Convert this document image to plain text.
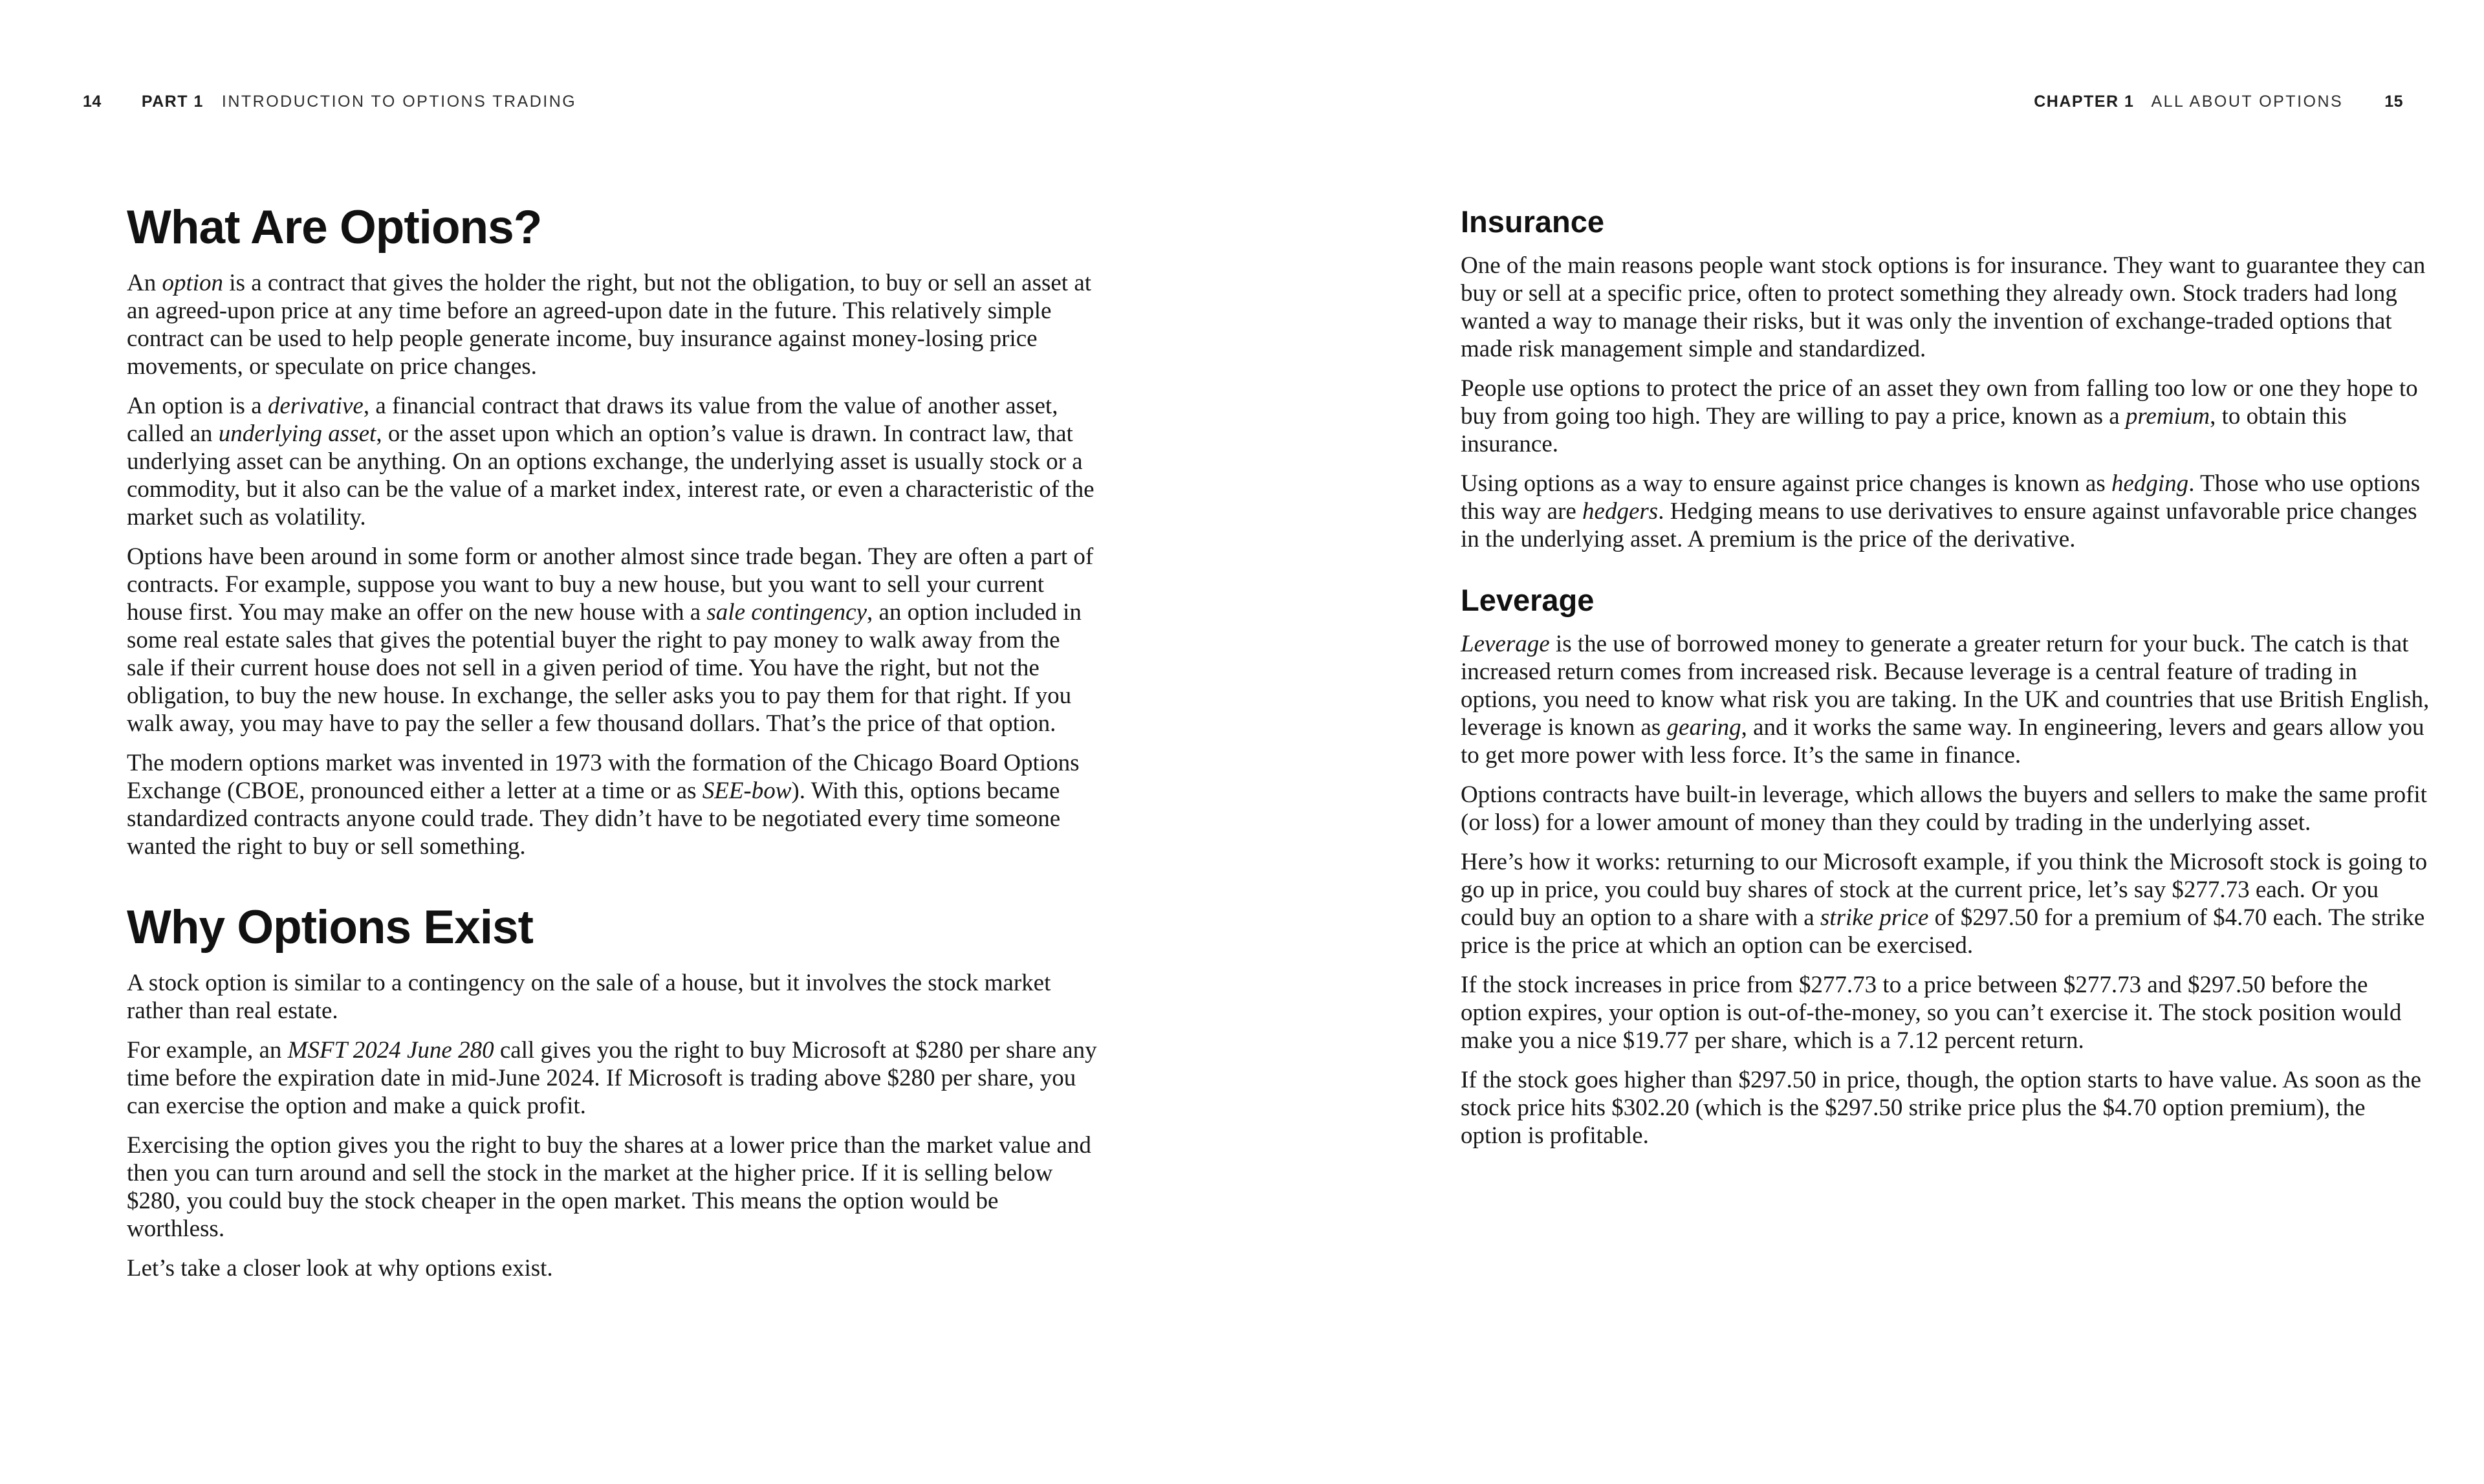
14 PART 1 INTRODUCTION TO OPTIONS TRADING	CHAPTER 1 ALL ABOUT OPTIONS	15
What Are Options?

An option is a contract that gives the holder the right, but not the obligation, to buy or sell an asset at an agreed-upon price at any time before an agreed-upon date in the future. This relatively simple contract can be used to help people generate income, buy insurance against money-losing price movements, or speculate on price changes.

An option is a derivative, a financial contract that draws its value from the value of another asset, called an underlying asset, or the asset upon which an option’s value is drawn. In contract law, that underlying asset can be anything. On an options exchange, the underlying asset is usually stock or a commodity, but it also can be the value of a market index, interest rate, or even a characteristic of the market such as volatility.

Options have been around in some form or another almost since trade began. They are often a part of contracts. For example, suppose you want to buy a new house, but you want to sell your current house first. You may make an offer on the new house with a sale contingency, an option included in some real estate sales that gives the potential buyer the right to pay money to walk away from the sale if their current house does not sell in a given period of time. You have the right, but not the obligation, to buy the new house. In exchange, the seller asks you to pay them for that right. If you walk away, you may have to pay the seller a few thousand dollars. That’s the price of that option.

The modern options market was invented in 1973 with the formation of the Chicago Board Options Exchange (CBOE, pronounced either a letter at a time or as SEE-bow). With this, options became standardized contracts anyone could trade. They didn’t have to be negotiated every time someone wanted the right to buy or sell something.

Why Options Exist

A stock option is similar to a contingency on the sale of a house, but it involves the stock market rather than real estate.

For example, an MSFT 2024 June 280 call gives you the right to buy Microsoft at $280 per share any time before the expiration date in mid-June 2024. If Microsoft is trading above $280 per share, you can exercise the option and make a quick profit.

Exercising the option gives you the right to buy the shares at a lower price than the market value and then you can turn around and sell the stock in the market at the higher price. If it is selling below $280, you could buy the stock cheaper in the open market. This means the option would be worthless.

Let’s take a closer look at why options exist.

Insurance

One of the main reasons people want stock options is for insurance. They want to guarantee they can buy or sell at a specific price, often to protect something they already own. Stock traders had long wanted a way to manage their risks, but it was only the invention of exchange-traded options that made risk management simple and standardized.

People use options to protect the price of an asset they own from falling too low or one they hope to buy from going too high. They are willing to pay a price, known as a premium, to obtain this insurance.

Using options as a way to ensure against price changes is known as hedging. Those who use options this way are hedgers. Hedging means to use derivatives to ensure against unfavorable price changes in the underlying asset. A premium is the price of the derivative.

Leverage

Leverage is the use of borrowed money to generate a greater return for your buck. The catch is that increased return comes from increased risk. Because leverage is a central feature of trading in options, you need to know what risk you are taking. In the UK and countries that use British English, leverage is known as gearing, and it works the same way. In engineering, levers and gears allow you to get more power with less force. It’s the same in finance.

Options contracts have built-in leverage, which allows the buyers and sellers to make the same profit (or loss) for a lower amount of money than they could by trading in the underlying asset.

Here’s how it works: returning to our Microsoft example, if you think the Microsoft stock is going to go up in price, you could buy shares of stock at the current price, let’s say $277.73 each. Or you could buy an option to a share with a strike price of $297.50 for a premium of $4.70 each. The strike price is the price at which an option can be exercised.

If the stock increases in price from $277.73 to a price between $277.73 and $297.50 before the option expires, your option is out-of-the-money, so you can’t exercise it. The stock position would make you a nice $19.77 per share, which is a 7.12 percent return.

If the stock goes higher than $297.50 in price, though, the option starts to have value. As soon as the stock price hits $302.20 (which is the $297.50 strike price plus the $4.70 option premium), the option is profitable.
